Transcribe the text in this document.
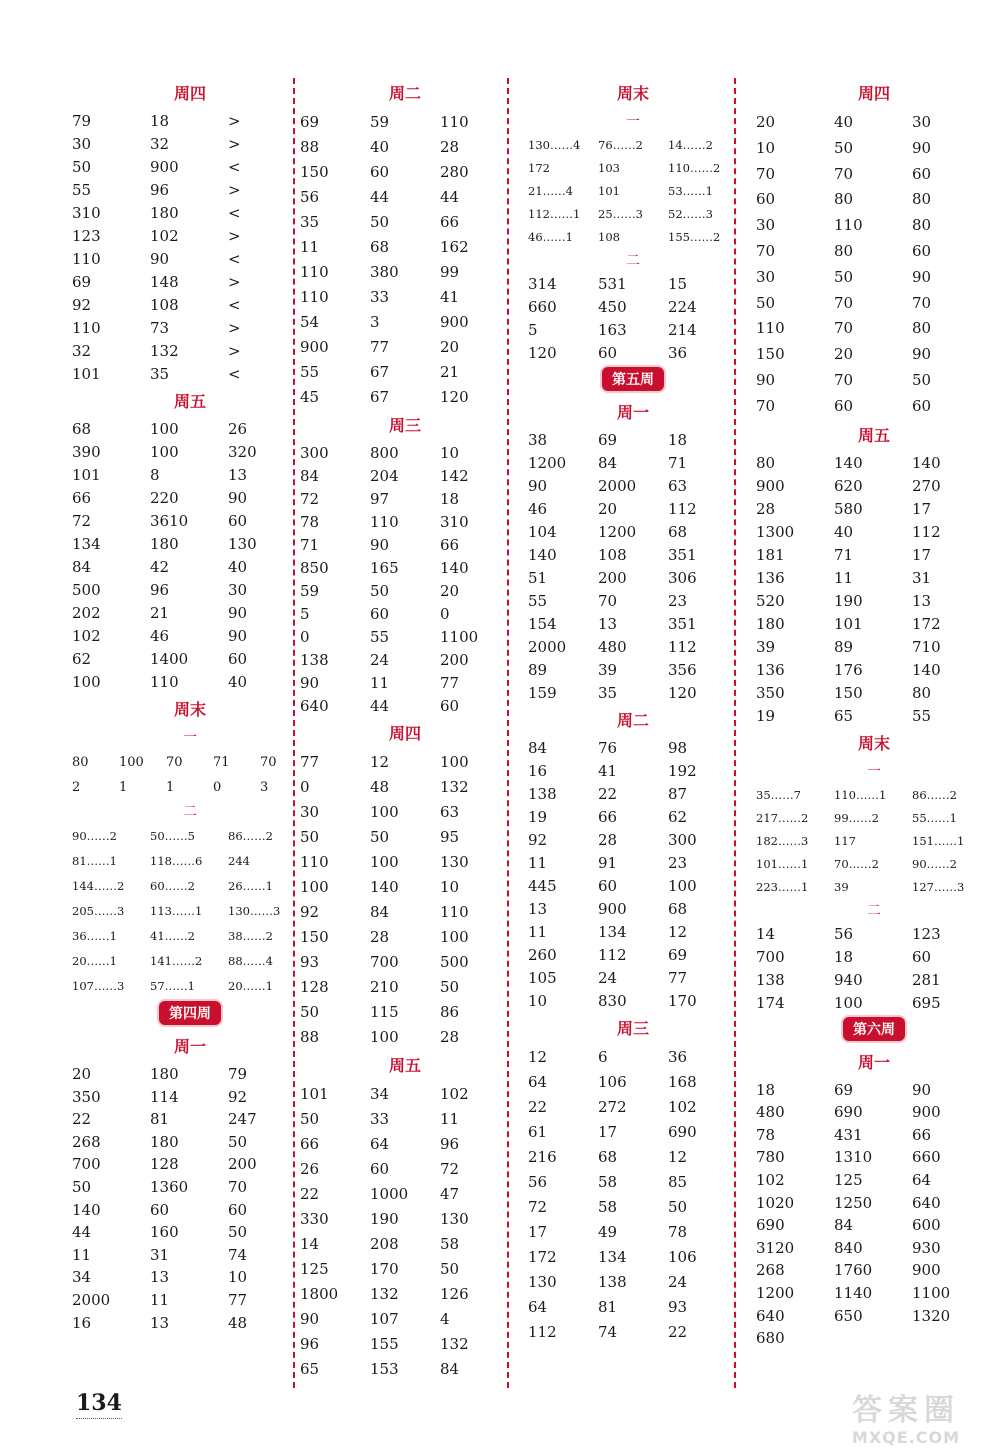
周四
79	18	>
30	32	>
50	900	<
55	96	>
310	180	<
123	102	>
110	90	<
69	148	>
92	108	<
110	73	>
32	132	>
101	35	<
周五
68	100	26
390	100	320
101	8	13
66	220	90
72	3610	60
134	180	130
84	42	40
500	96	30
202	21	90
102	46	90
62	1400	60
100	110	40
周末
一
80	100	70	71	70
2	1	1	0	3
二
90……2	50……5	86……2
81……1	118……6	244
144……2	60……2	26……1
205……3	113……1	130……3
36……1	41……2	38……2
20……1	141……2	88……4
107……3	57……1	20……1
第四周
周一
20	180	79
350	114	92
22	81	247
268	180	50
700	128	200
50	1360	70
140	60	60
44	160	50
11	31	74
34	13	10
2000	11	77
16	13	48
周二
69	59	110
88	40	28
150	60	280
56	44	44
35	50	66
11	68	162
110	380	99
110	33	41
54	3	900
900	77	20
55	67	21
45	67	120
周三
300	800	10
84	204	142
72	97	18
78	110	310
71	90	66
850	165	140
59	50	20
5	60	0
0	55	1100
138	24	200
90	11	77
640	44	60
周四
77	12	100
0	48	132
30	100	63
50	50	95
110	100	130
100	140	10
92	84	110
150	28	100
93	700	500
128	210	50
50	115	86
88	100	28
周五
101	34	102
50	33	11
66	64	96
26	60	72
22	1000	47
330	190	130
14	208	58
125	170	50
1800	132	126
90	107	4
96	155	132
65	153	84
周末
一
130……4	76……2	14……2
172	103	110……2
21……4	101	53……1
112……1	25……3	52……3
46……1	108	155……2
二
314	531	15
660	450	224
5	163	214
120	60	36
第五周
周一
38	69	18
1200	84	71
90	2000	63
46	20	112
104	1200	68
140	108	351
51	200	306
55	70	23
154	13	351
2000	480	112
89	39	356
159	35	120
周二
84	76	98
16	41	192
138	22	87
19	66	62
92	28	300
11	91	23
445	60	100
13	900	68
11	134	12
260	112	69
105	24	77
10	830	170
周三
12	6	36
64	106	168
22	272	102
61	17	690
216	68	12
56	58	85
72	58	50
17	49	78
172	134	106
130	138	24
64	81	93
112	74	22
周四
20	40	30
10	50	90
70	70	60
60	80	80
30	110	80
70	80	60
30	50	90
50	70	70
110	70	80
150	20	90
90	70	50
70	60	60
周五
80	140	140
900	620	270
28	580	17
1300	40	112
181	71	17
136	11	31
520	190	13
180	101	172
39	89	710
136	176	140
350	150	80
19	65	55
周末
一
35……7	110……1	86……2
217……2	99……2	55……1
182……3	117	151……1
101……1	70……2	90……2
223……1	39	127……3
二
14	56	123
700	18	60
138	940	281
174	100	695
第六周
周一
18	69	90
480	690	900
78	431	66
780	1310	660
102	125	64
1020	1250	640
690	84	600
3120	840	930
268	1760	900
1200	1140	1100
640	650	1320
680
134	答案圈
MXQE.COM
